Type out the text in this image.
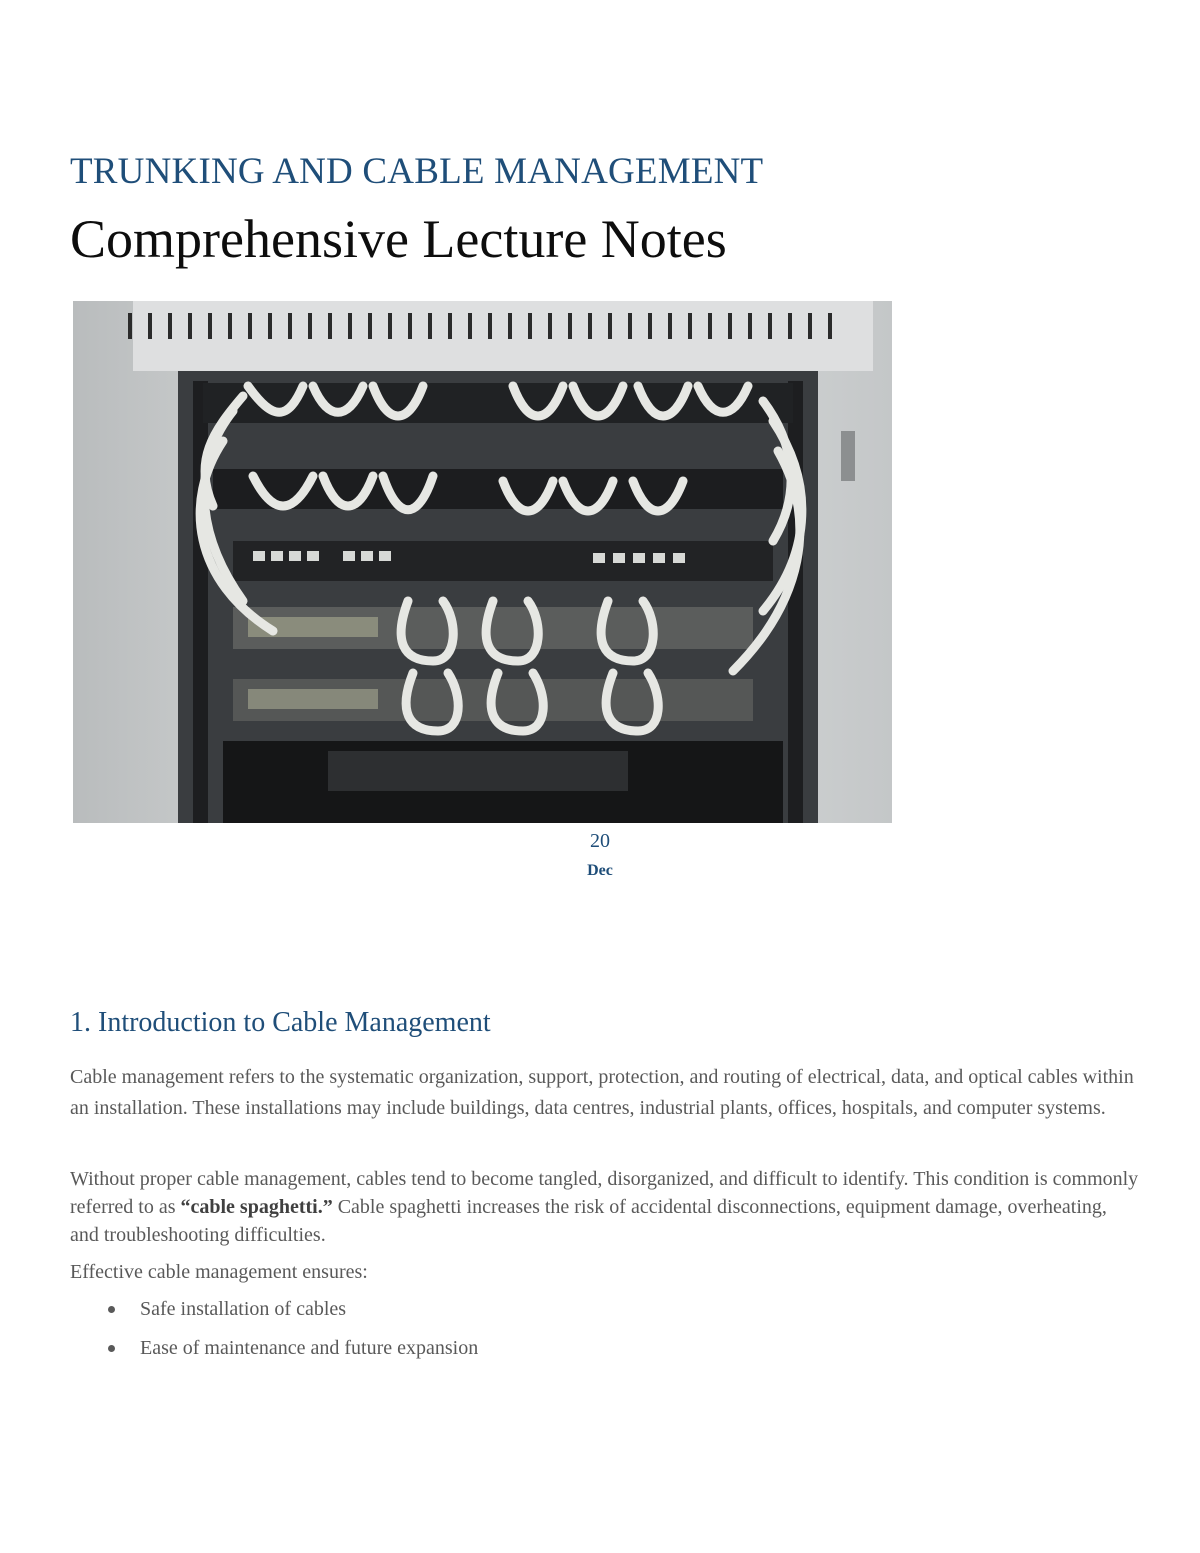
TRUNKING AND CABLE MANAGEMENT
Comprehensive Lecture Notes
20
Dec
1. Introduction to Cable Management

Cable management refers to the systematic organization, support, protection, and routing of electrical, data, and optical cables within an installation. These installations may include buildings, data centres, industrial plants, offices, hospitals, and computer systems.

Without proper cable management, cables tend to become tangled, disorganized, and difficult to identify. This condition is commonly referred to as “cable spaghetti.” Cable spaghetti increases the risk of accidental disconnections, equipment damage, overheating, and troubleshooting difficulties.

Effective cable management ensures:

Safe installation of cables
Ease of maintenance and future expansion
